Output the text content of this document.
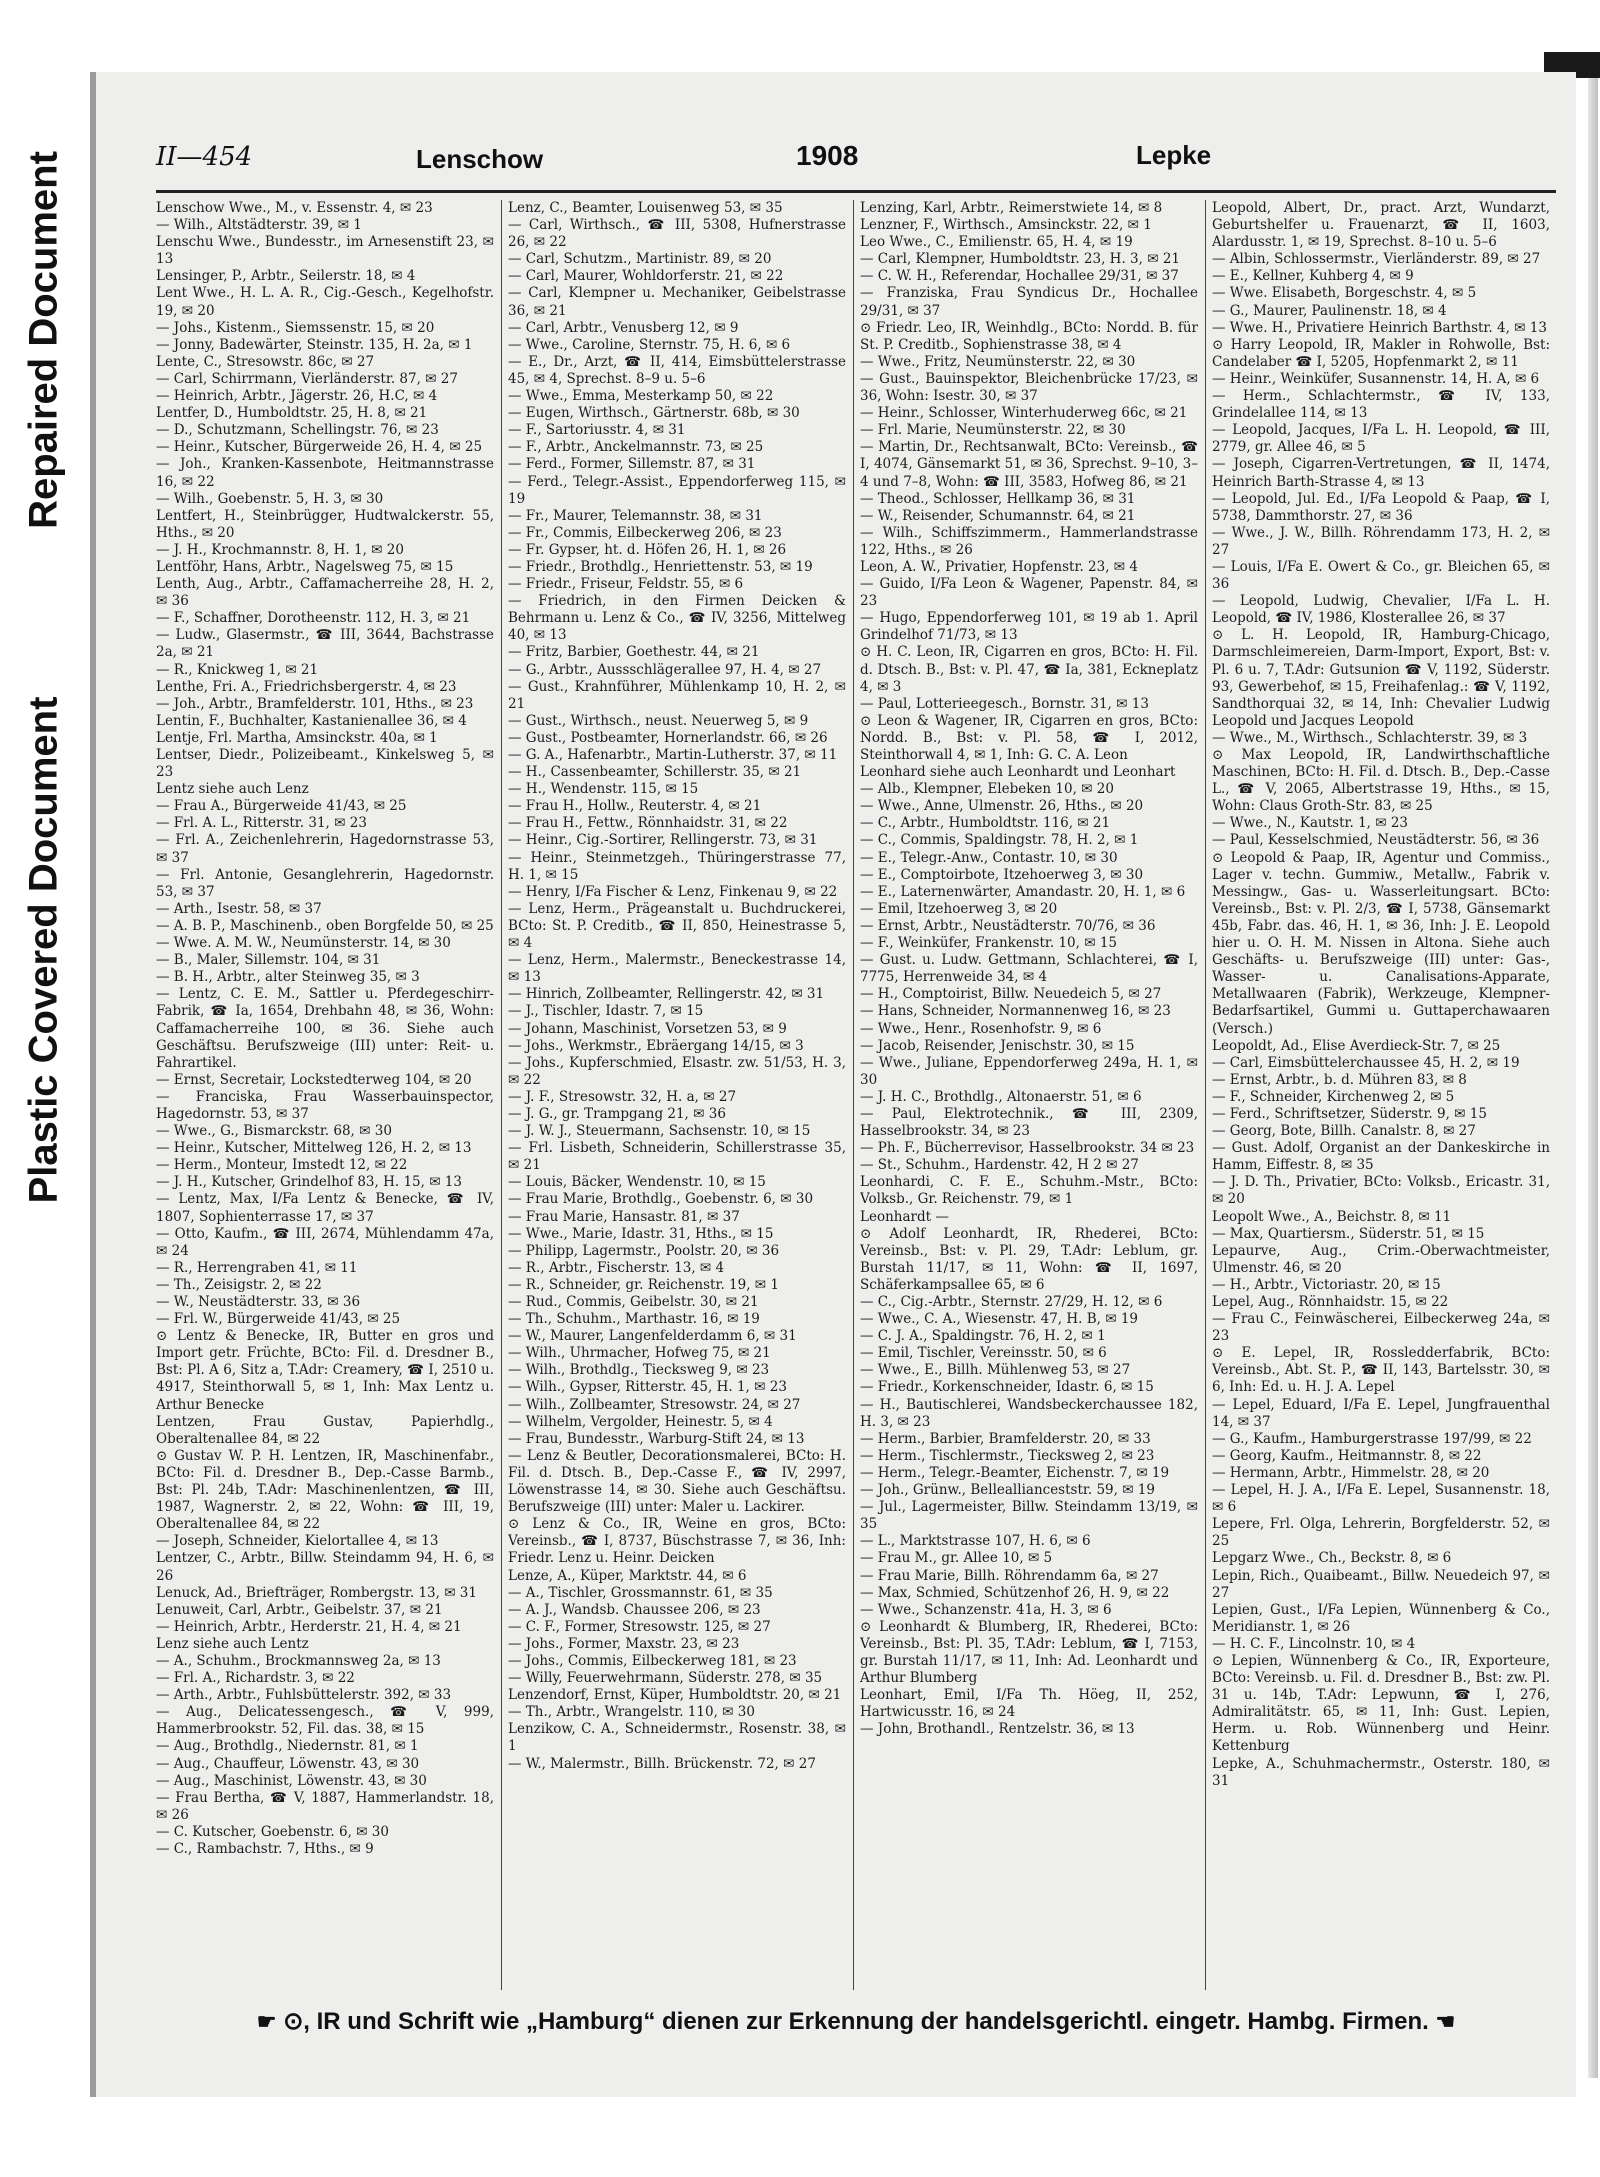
Repaired Document
Plastic Covered Document
II—454	Lenschow	1908	Lepke
Lenschow Wwe., M., v. Essenstr. 4, ✉ 23
— Wilh., Altstädterstr. 39, ✉ 1
Lenschu Wwe., Bundesstr., im Arnesenstift 23, ✉ 13
Lensinger, P., Arbtr., Seilerstr. 18, ✉ 4
Lent Wwe., H. L. A. R., Cig.-Gesch., Kegelhofstr. 19, ✉ 20
— Johs., Kistenm., Siemssenstr. 15, ✉ 20
— Jonny, Badewärter, Steinstr. 135, H. 2a, ✉ 1
Lente, C., Stresowstr. 86c, ✉ 27
— Carl, Schirrmann, Vierländerstr. 87, ✉ 27
— Heinrich, Arbtr., Jägerstr. 26, H.C, ✉ 4
Lentfer, D., Humboldtstr. 25, H. 8, ✉ 21
— D., Schutzmann, Schellingstr. 76, ✉ 23
— Heinr., Kutscher, Bürgerweide 26, H. 4, ✉ 25
— Joh., Kranken-Kassenbote, Heitmannstrasse 16, ✉ 22
— Wilh., Goebenstr. 5, H. 3, ✉ 30
Lentfert, H., Steinbrügger, Hudtwalckerstr. 55, Hths., ✉ 20
— J. H., Krochmannstr. 8, H. 1, ✉ 20
Lentföhr, Hans, Arbtr., Nagelsweg 75, ✉ 15
Lenth, Aug., Arbtr., Caffamacherreihe 28, H. 2, ✉ 36
— F., Schaffner, Dorotheenstr. 112, H. 3, ✉ 21
— Ludw., Glasermstr., ☎ III, 3644, Bachstrasse 2a, ✉ 21
— R., Knickweg 1, ✉ 21
Lenthe, Fri. A., Friedrichsbergerstr. 4, ✉ 23
— Joh., Arbtr., Bramfelderstr. 101, Hths., ✉ 23
Lentin, F., Buchhalter, Kastanienallee 36, ✉ 4
Lentje, Frl. Martha, Amsinckstr. 40a, ✉ 1
Lentser, Diedr., Polizeibeamt., Kinkelsweg 5, ✉ 23
Lentz siehe auch Lenz
— Frau A., Bürgerweide 41/43, ✉ 25
— Frl. A. L., Ritterstr. 31, ✉ 23
— Frl. A., Zeichenlehrerin, Hagedornstrasse 53, ✉ 37
— Frl. Antonie, Gesanglehrerin, Hagedornstr. 53, ✉ 37
— Arth., Isestr. 58, ✉ 37
— A. B. P., Maschinenb., oben Borgfelde 50, ✉ 25
— Wwe. A. M. W., Neumünsterstr. 14, ✉ 30
— B., Maler, Sillemstr. 104, ✉ 31
— B. H., Arbtr., alter Steinweg 35, ✉ 3
— Lentz, C. E. M., Sattler u. Pferdegeschirr-Fabrik, ☎ Ia, 1654, Drehbahn 48, ✉ 36, Wohn: Caffamacherreihe 100, ✉ 36. Siehe auch Geschäftsu. Berufszweige (III) unter: Reit- u. Fahrartikel.
— Ernst, Secretair, Lockstedterweg 104, ✉ 20
— Franciska, Frau Wasserbauinspector, Hagedornstr. 53, ✉ 37
— Wwe., G., Bismarckstr. 68, ✉ 30
— Heinr., Kutscher, Mittelweg 126, H. 2, ✉ 13
— Herm., Monteur, Imstedt 12, ✉ 22
— J. H., Kutscher, Grindelhof 83, H. 15, ✉ 13
— Lentz, Max, I/Fa Lentz & Benecke, ☎ IV, 1807, Sophienterrasse 17, ✉ 37
— Otto, Kaufm., ☎ III, 2674, Mühlendamm 47a, ✉ 24
— R., Herrengraben 41, ✉ 11
— Th., Zeisigstr. 2, ✉ 22
— W., Neustädterstr. 33, ✉ 36
— Frl. W., Bürgerweide 41/43, ✉ 25
⊙ Lentz & Benecke, IR, Butter en gros und Import getr. Früchte, BCto: Fil. d. Dresdner B., Bst: Pl. A 6, Sitz a, T.Adr: Creamery, ☎ I, 2510 u. 4917, Steinthorwall 5, ✉ 1, Inh: Max Lentz u. Arthur Benecke
Lentzen, Frau Gustav, Papierhdlg., Oberaltenallee 84, ✉ 22
⊙ Gustav W. P. H. Lentzen, IR, Maschinenfabr., BCto: Fil. d. Dresdner B., Dep.-Casse Barmb., Bst: Pl. 24b, T.Adr: Maschinenlentzen, ☎ III, 1987, Wagnerstr. 2, ✉ 22, Wohn: ☎ III, 19, Oberaltenallee 84, ✉ 22
— Joseph, Schneider, Kielortallee 4, ✉ 13
Lentzer, C., Arbtr., Billw. Steindamm 94, H. 6, ✉ 26
Lenuck, Ad., Briefträger, Rombergstr. 13, ✉ 31
Lenuweit, Carl, Arbtr., Geibelstr. 37, ✉ 21
— Heinrich, Arbtr., Herderstr. 21, H. 4, ✉ 21
Lenz siehe auch Lentz
— A., Schuhm., Brockmannsweg 2a, ✉ 13
— Frl. A., Richardstr. 3, ✉ 22
— Arth., Arbtr., Fuhlsbüttelerstr. 392, ✉ 33
— Aug., Delicatessengesch., ☎ V, 999, Hammerbrookstr. 52, Fil. das. 38, ✉ 15
— Aug., Brothdlg., Niedernstr. 81, ✉ 1
— Aug., Chauffeur, Löwenstr. 43, ✉ 30
— Aug., Maschinist, Löwenstr. 43, ✉ 30
— Frau Bertha, ☎ V, 1887, Hammerlandstr. 18, ✉ 26
— C. Kutscher, Goebenstr. 6, ✉ 30
— C., Rambachstr. 7, Hths., ✉ 9
Lenz, C., Beamter, Louisenweg 53, ✉ 35
— Carl, Wirthsch., ☎ III, 5308, Hufnerstrasse 26, ✉ 22
— Carl, Schutzm., Martinistr. 89, ✉ 20
— Carl, Maurer, Wohldorferstr. 21, ✉ 22
— Carl, Klempner u. Mechaniker, Geibelstrasse 36, ✉ 21
— Carl, Arbtr., Venusberg 12, ✉ 9
— Wwe., Caroline, Sternstr. 75, H. 6, ✉ 6
— E., Dr., Arzt, ☎ II, 414, Eimsbüttelerstrasse 45, ✉ 4, Sprechst. 8–9 u. 5–6
— Wwe., Emma, Mesterkamp 50, ✉ 22
— Eugen, Wirthsch., Gärtnerstr. 68b, ✉ 30
— F., Sartoriusstr. 4, ✉ 31
— F., Arbtr., Anckelmannstr. 73, ✉ 25
— Ferd., Former, Sillemstr. 87, ✉ 31
— Ferd., Telegr.-Assist., Eppendorferweg 115, ✉ 19
— Fr., Maurer, Telemannstr. 38, ✉ 31
— Fr., Commis, Eilbeckerweg 206, ✉ 23
— Fr. Gypser, ht. d. Höfen 26, H. 1, ✉ 26
— Friedr., Brothdlg., Henriettenstr. 53, ✉ 19
— Friedr., Friseur, Feldstr. 55, ✉ 6
— Friedrich, in den Firmen Deicken & Behrmann u. Lenz & Co., ☎ IV, 3256, Mittelweg 40, ✉ 13
— Fritz, Barbier, Goethestr. 44, ✉ 21
— G., Arbtr., Aussschlägerallee 97, H. 4, ✉ 27
— Gust., Krahnführer, Mühlenkamp 10, H. 2, ✉ 21
— Gust., Wirthsch., neust. Neuerweg 5, ✉ 9
— Gust., Postbeamter, Hornerlandstr. 66, ✉ 26
— G. A., Hafenarbtr., Martin-Lutherstr. 37, ✉ 11
— H., Cassenbeamter, Schillerstr. 35, ✉ 21
— H., Wendenstr. 115, ✉ 15
— Frau H., Hollw., Reuterstr. 4, ✉ 21
— Frau H., Fettw., Rönnhaidstr. 31, ✉ 22
— Heinr., Cig.-Sortirer, Rellingerstr. 73, ✉ 31
— Heinr., Steinmetzgeh., Thüringerstrasse 77, H. 1, ✉ 15
— Henry, I/Fa Fischer & Lenz, Finkenau 9, ✉ 22
— Lenz, Herm., Prägeanstalt u. Buchdruckerei, BCto: St. P. Creditb., ☎ II, 850, Heinestrasse 5, ✉ 4
— Lenz, Herm., Malermstr., Beneckestrasse 14, ✉ 13
— Hinrich, Zollbeamter, Rellingerstr. 42, ✉ 31
— J., Tischler, Idastr. 7, ✉ 15
— Johann, Maschinist, Vorsetzen 53, ✉ 9
— Johs., Werkmstr., Ebräergang 14/15, ✉ 3
— Johs., Kupferschmied, Elsastr. zw. 51/53, H. 3, ✉ 22
— J. F., Stresowstr. 32, H. a, ✉ 27
— J. G., gr. Trampgang 21, ✉ 36
— J. W. J., Steuermann, Sachsenstr. 10, ✉ 15
— Frl. Lisbeth, Schneiderin, Schillerstrasse 35, ✉ 21
— Louis, Bäcker, Wendenstr. 10, ✉ 15
— Frau Marie, Brothdlg., Goebenstr. 6, ✉ 30
— Frau Marie, Hansastr. 81, ✉ 37
— Wwe., Marie, Idastr. 31, Hths., ✉ 15
— Philipp, Lagermstr., Poolstr. 20, ✉ 36
— R., Arbtr., Fischerstr. 13, ✉ 4
— R., Schneider, gr. Reichenstr. 19, ✉ 1
— Rud., Commis, Geibelstr. 30, ✉ 21
— Th., Schuhm., Marthastr. 16, ✉ 19
— W., Maurer, Langenfelderdamm 6, ✉ 31
— Wilh., Uhrmacher, Hofweg 75, ✉ 21
— Wilh., Brothdlg., Tiecksweg 9, ✉ 23
— Wilh., Gypser, Ritterstr. 45, H. 1, ✉ 23
— Wilh., Zollbeamter, Stresowstr. 24, ✉ 27
— Wilhelm, Vergolder, Heinestr. 5, ✉ 4
— Frau, Bundesstr., Warburg-Stift 24, ✉ 13
— Lenz & Beutler, Decorationsmalerei, BCto: H. Fil. d. Dtsch. B., Dep.-Casse F., ☎ IV, 2997, Löwenstrasse 14, ✉ 30. Siehe auch Geschäftsu. Berufszweige (III) unter: Maler u. Lackirer.
⊙ Lenz & Co., IR, Weine en gros, BCto: Vereinsb., ☎ I, 8737, Büschstrasse 7, ✉ 36, Inh: Friedr. Lenz u. Heinr. Deicken
Lenze, A., Küper, Marktstr. 44, ✉ 6
— A., Tischler, Grossmannstr. 61, ✉ 35
— A. J., Wandsb. Chaussee 206, ✉ 23
— C. F., Former, Stresowstr. 125, ✉ 27
— Johs., Former, Maxstr. 23, ✉ 23
— Johs., Commis, Eilbeckerweg 181, ✉ 23
— Willy, Feuerwehrmann, Süderstr. 278, ✉ 35
Lenzendorf, Ernst, Küper, Humboldtstr. 20, ✉ 21
— Th., Arbtr., Wrangelstr. 110, ✉ 30
Lenzikow, C. A., Schneidermstr., Rosenstr. 38, ✉ 1
— W., Malermstr., Billh. Brückenstr. 72, ✉ 27
Lenzing, Karl, Arbtr., Reimerstwiete 14, ✉ 8
Lenzner, F., Wirthsch., Amsinckstr. 22, ✉ 1
Leo Wwe., C., Emilienstr. 65, H. 4, ✉ 19
— Carl, Klempner, Humboldtstr. 23, H. 3, ✉ 21
— C. W. H., Referendar, Hochallee 29/31, ✉ 37
— Franziska, Frau Syndicus Dr., Hochallee 29/31, ✉ 37
⊙ Friedr. Leo, IR, Weinhdlg., BCto: Nordd. B. für St. P. Creditb., Sophienstrasse 38, ✉ 4
— Wwe., Fritz, Neumünsterstr. 22, ✉ 30
— Gust., Bauinspektor, Bleichenbrücke 17/23, ✉ 36, Wohn: Isestr. 30, ✉ 37
— Heinr., Schlosser, Winterhuderweg 66c, ✉ 21
— Frl. Marie, Neumünsterstr. 22, ✉ 30
— Martin, Dr., Rechtsanwalt, BCto: Vereinsb., ☎ I, 4074, Gänsemarkt 51, ✉ 36, Sprechst. 9–10, 3–4 und 7–8, Wohn: ☎ III, 3583, Hofweg 86, ✉ 21
— Theod., Schlosser, Hellkamp 36, ✉ 31
— W., Reisender, Schumannstr. 64, ✉ 21
— Wilh., Schiffszimmerm., Hammerlandstrasse 122, Hths., ✉ 26
Leon, A. W., Privatier, Hopfenstr. 23, ✉ 4
— Guido, I/Fa Leon & Wagener, Papenstr. 84, ✉ 23
— Hugo, Eppendorferweg 101, ✉ 19 ab 1. April Grindelhof 71/73, ✉ 13
⊙ H. C. Leon, IR, Cigarren en gros, BCto: H. Fil. d. Dtsch. B., Bst: v. Pl. 47, ☎ Ia, 381, Eckneplatz 4, ✉ 3
— Paul, Lotterieegesch., Bornstr. 31, ✉ 13
⊙ Leon & Wagener, IR, Cigarren en gros, BCto: Nordd. B., Bst: v. Pl. 58, ☎ I, 2012, Steinthorwall 4, ✉ 1, Inh: G. C. A. Leon
Leonhard siehe auch Leonhardt und Leonhart
— Alb., Klempner, Elebeken 10, ✉ 20
— Wwe., Anne, Ulmenstr. 26, Hths., ✉ 20
— C., Arbtr., Humboldtstr. 116, ✉ 21
— C., Commis, Spaldingstr. 78, H. 2, ✉ 1
— E., Telegr.-Anw., Contastr. 10, ✉ 30
— E., Comptoirbote, Itzehoerweg 3, ✉ 30
— E., Laternenwärter, Amandastr. 20, H. 1, ✉ 6
— Emil, Itzehoerweg 3, ✉ 20
— Ernst, Arbtr., Neustädterstr. 70/76, ✉ 36
— F., Weinküfer, Frankenstr. 10, ✉ 15
— Gust. u. Ludw. Gettmann, Schlachterei, ☎ I, 7775, Herrenweide 34, ✉ 4
— H., Comptoirist, Billw. Neuedeich 5, ✉ 27
— Hans, Schneider, Normannenweg 16, ✉ 23
— Wwe., Henr., Rosenhofstr. 9, ✉ 6
— Jacob, Reisender, Jenischstr. 30, ✉ 15
— Wwe., Juliane, Eppendorferweg 249a, H. 1, ✉ 30
— J. H. C., Brothdlg., Altonaerstr. 51, ✉ 6
— Paul, Elektrotechnik., ☎ III, 2309, Hasselbrookstr. 34, ✉ 23
— Ph. F., Bücherrevisor, Hasselbrookstr. 34 ✉ 23
— St., Schuhm., Hardenstr. 42, H 2 ✉ 27
Leonhardi, C. F. E., Schuhm.-Mstr., BCto: Volksb., Gr. Reichenstr. 79, ✉ 1
Leonhardt —
⊙ Adolf Leonhardt, IR, Rhederei, BCto: Vereinsb., Bst: v. Pl. 29, T.Adr: Leblum, gr. Burstah 11/17, ✉ 11, Wohn: ☎ II, 1697, Schäferkampsallee 65, ✉ 6
— C., Cig.-Arbtr., Sternstr. 27/29, H. 12, ✉ 6
— Wwe., C. A., Wiesenstr. 47, H. B, ✉ 19
— C. J. A., Spaldingstr. 76, H. 2, ✉ 1
— Emil, Tischler, Vereinsstr. 50, ✉ 6
— Wwe., E., Billh. Mühlenweg 53, ✉ 27
— Friedr., Korkenschneider, Idastr. 6, ✉ 15
— H., Bautischlerei, Wandsbeckerchaussee 182, H. 3, ✉ 23
— Herm., Barbier, Bramfelderstr. 20, ✉ 33
— Herm., Tischlermstr., Tiecksweg 2, ✉ 23
— Herm., Telegr.-Beamter, Eichenstr. 7, ✉ 19
— Joh., Grünw., Belleallianceststr. 59, ✉ 19
— Jul., Lagermeister, Billw. Steindamm 13/19, ✉ 35
— L., Marktstrasse 107, H. 6, ✉ 6
— Frau M., gr. Allee 10, ✉ 5
— Frau Marie, Billh. Röhrendamm 6a, ✉ 27
— Max, Schmied, Schützenhof 26, H. 9, ✉ 22
— Wwe., Schanzenstr. 41a, H. 3, ✉ 6
⊙ Leonhardt & Blumberg, IR, Rhederei, BCto: Vereinsb., Bst: Pl. 35, T.Adr: Leblum, ☎ I, 7153, gr. Burstah 11/17, ✉ 11, Inh: Ad. Leonhardt und Arthur Blumberg
Leonhart, Emil, I/Fa Th. Höeg, II, 252, Hartwicusstr. 16, ✉ 24
— John, Brothandl., Rentzelstr. 36, ✉ 13
Leopold, Albert, Dr., pract. Arzt, Wundarzt, Geburtshelfer u. Frauenarzt, ☎ II, 1603, Alardusstr. 1, ✉ 19, Sprechst. 8–10 u. 5–6
— Albin, Schlossermstr., Vierländerstr. 89, ✉ 27
— E., Kellner, Kuhberg 4, ✉ 9
— Wwe. Elisabeth, Borgeschstr. 4, ✉ 5
— G., Maurer, Paulinenstr. 18, ✉ 4
— Wwe. H., Privatiere Heinrich Barthstr. 4, ✉ 13
⊙ Harry Leopold, IR, Makler in Rohwolle, Bst: Candelaber ☎ I, 5205, Hopfenmarkt 2, ✉ 11
— Heinr., Weinküfer, Susannenstr. 14, H. A, ✉ 6
— Herm., Schlachtermstr., ☎ IV, 133, Grindelallee 114, ✉ 13
— Leopold, Jacques, I/Fa L. H. Leopold, ☎ III, 2779, gr. Allee 46, ✉ 5
— Joseph, Cigarren-Vertretungen, ☎ II, 1474, Heinrich Barth-Strasse 4, ✉ 13
— Leopold, Jul. Ed., I/Fa Leopold & Paap, ☎ I, 5738, Dammthorstr. 27, ✉ 36
— Wwe., J. W., Billh. Röhrendamm 173, H. 2, ✉ 27
— Louis, I/Fa E. Owert & Co., gr. Bleichen 65, ✉ 36
— Leopold, Ludwig, Chevalier, I/Fa L. H. Leopold, ☎ IV, 1986, Klosterallee 26, ✉ 37
⊙ L. H. Leopold, IR, Hamburg-Chicago, Darmschleimereien, Darm-Import, Export, Bst: v. Pl. 6 u. 7, T.Adr: Gutsunion ☎ V, 1192, Süderstr. 93, Gewerbehof, ✉ 15, Freihafenlag.: ☎ V, 1192, Sandthorquai 32, ✉ 14, Inh: Chevalier Ludwig Leopold und Jacques Leopold
— Wwe., M., Wirthsch., Schlachterstr. 39, ✉ 3
⊙ Max Leopold, IR, Landwirthschaftliche Maschinen, BCto: H. Fil. d. Dtsch. B., Dep.-Casse L., ☎ V, 2065, Albertstrasse 19, Hths., ✉ 15, Wohn: Claus Groth-Str. 83, ✉ 25
— Wwe., N., Kautstr. 1, ✉ 23
— Paul, Kesselschmied, Neustädterstr. 56, ✉ 36
⊙ Leopold & Paap, IR, Agentur und Commiss., Lager v. techn. Gummiw., Metallw., Fabrik v. Messingw., Gas- u. Wasserleitungsart. BCto: Vereinsb., Bst: v. Pl. 2/3, ☎ I, 5738, Gänsemarkt 45b, Fabr. das. 46, H. 1, ✉ 36, Inh: J. E. Leopold hier u. O. H. M. Nissen in Altona. Siehe auch Geschäfts- u. Berufszweige (III) unter: Gas-, Wasser- u. Canalisations-Apparate, Metallwaaren (Fabrik), Werkzeuge, Klempner-Bedarfsartikel, Gummi u. Guttaperchawaaren (Versch.)
Leopoldt, Ad., Elise Averdieck-Str. 7, ✉ 25
— Carl, Eimsbüttelerchaussee 45, H. 2, ✉ 19
— Ernst, Arbtr., b. d. Mühren 83, ✉ 8
— F., Schneider, Kirchenweg 2, ✉ 5
— Ferd., Schriftsetzer, Süderstr. 9, ✉ 15
— Georg, Bote, Billh. Canalstr. 8, ✉ 27
— Gust. Adolf, Organist an der Dankeskirche in Hamm, Eiffestr. 8, ✉ 35
— J. D. Th., Privatier, BCto: Volksb., Ericastr. 31, ✉ 20
Leopolt Wwe., A., Beichstr. 8, ✉ 11
— Max, Quartiersm., Süderstr. 51, ✉ 15
Lepaurve, Aug., Crim.-Oberwachtmeister, Ulmenstr. 46, ✉ 20
— H., Arbtr., Victoriastr. 20, ✉ 15
Lepel, Aug., Rönnhaidstr. 15, ✉ 22
— Frau C., Feinwäscherei, Eilbeckerweg 24a, ✉ 23
⊙ E. Lepel, IR, Rossledderfabrik, BCto: Vereinsb., Abt. St. P., ☎ II, 143, Bartelsstr. 30, ✉ 6, Inh: Ed. u. H. J. A. Lepel
— Lepel, Eduard, I/Fa E. Lepel, Jungfrauenthal 14, ✉ 37
— G., Kaufm., Hamburgerstrasse 197/99, ✉ 22
— Georg, Kaufm., Heitmannstr. 8, ✉ 22
— Hermann, Arbtr., Himmelstr. 28, ✉ 20
— Lepel, H. J. A., I/Fa E. Lepel, Susannenstr. 18, ✉ 6
Lepere, Frl. Olga, Lehrerin, Borgfelderstr. 52, ✉ 25
Lepgarz Wwe., Ch., Beckstr. 8, ✉ 6
Lepin, Rich., Quaibeamt., Billw. Neuedeich 97, ✉ 27
Lepien, Gust., I/Fa Lepien, Wünnenberg & Co., Meridianstr. 1, ✉ 26
— H. C. F., Lincolnstr. 10, ✉ 4
⊙ Lepien, Wünnenberg & Co., IR, Exporteure, BCto: Vereinsb. u. Fil. d. Dresdner B., Bst: zw. Pl. 31 u. 14b, T.Adr: Lepwunn, ☎ I, 276, Admiralitätstr. 65, ✉ 11, Inh: Gust. Lepien, Herm. u. Rob. Wünnenberg und Heinr. Kettenburg
Lepke, A., Schuhmachermstr., Osterstr. 180, ✉ 31
☛ ⊙, IR und Schrift wie „Hamburg“ dienen zur Erkennung der handelsgerichtl. eingetr. Hambg. Firmen. ☚
